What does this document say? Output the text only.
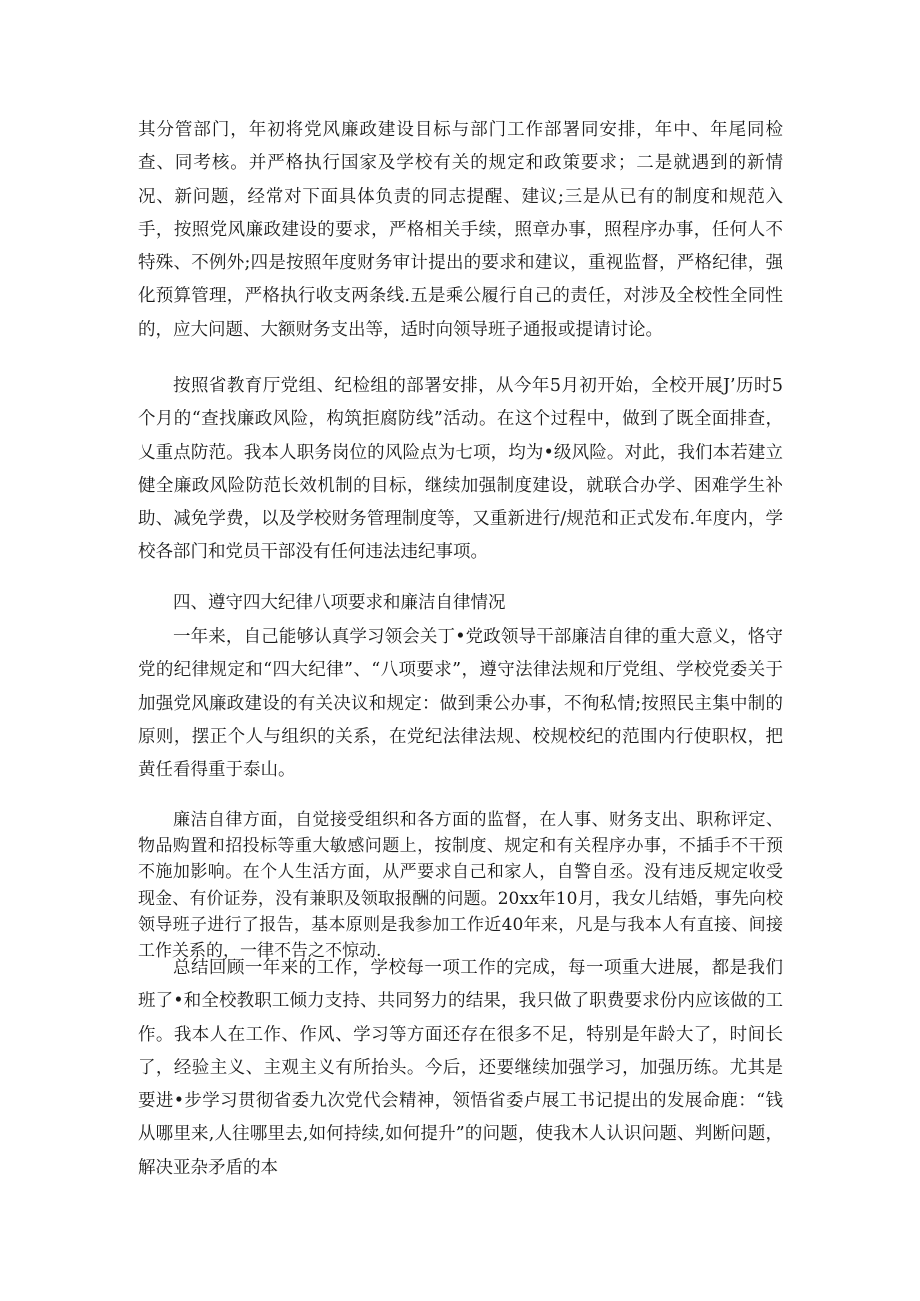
其分管部门，年初将党风廉政建设目标与部门工作部署同安排，年中、年尾同检查、同考核。并严格执行国家及学校有关的规定和政策要求；二是就遇到的新情况、新问题，经常对下面具体负责的同志提醒、建议;三是从已有的制度和规范入手，按照党风廉政建设的要求，严格相关手续，照章办事，照程序办事，任何人不特殊、不例外;四是按照年度财务审计提出的要求和建议，重视监督，严格纪律，强化预算管理，严格执行收支两条线.五是乘公履行自己的责任，对涉及全校性全同性的，应大问题、大额财务支出等，适时向领导班子通报或提请讨论。

按照省教育厅党组、纪检组的部署安排，从今年5月初开始，全校开展J’历时5个月的“查找廉政风险，构筑拒腐防线”活动。在这个过程中，做到了既全面排查，乂重点防范。我本人职务岗位的风险点为七项，均为•级风险。对此，我们本若建立健全廉政风险防范长效机制的目标，继续加强制度建设，就联合办学、困难学生补助、减免学费，以及学校财务管理制度等，又重新进行/规范和正式发布.年度内，学校各部门和党员干部没有任何违法违纪事项。

四、遵守四大纪律八项要求和廉洁自律情况

一年来，自己能够认真学习领会关丁•党政领导干部廉洁自律的重大意义，恪守党的纪律规定和“四大纪律”、“八项要求”，遵守法律法规和厅党组、学校党委关于加强党风廉政建设的有关决议和规定：做到秉公办事，不徇私情;按照民主集中制的原则，摆正个人与组织的关系，在党纪法律法规、校规校纪的范围内行使职权，把黄任看得重于泰山。

廉洁自律方面，自觉接受组织和各方面的监督，在人事、财务支出、职称评定、物品购置和招投标等重大敏感问题上，按制度、规定和有关程序办事，不插手不干预不施加影响。在个人生活方面，从严要求自己和家人，自警自丞。没有违反规定收受现金、有价证券，没有兼职及领取报酬的问题。20xx年10月，我女儿结婚，事先向校领导班子进行了报告，基本原则是我参加工作近40年来，凡是与我本人有直接、间接工作关系的，一律不告之不惊动.

总结回顾一年来的工作，学校每一项工作的完成，每一项重大进展，都是我们班了•和全校教职工倾力支持、共同努力的结果，我只做了职费要求份内应该做的工作。我本人在工作、作风、学习等方面还存在很多不足，特别是年龄大了，时间长了，经验主义、主观主义有所抬头。今后，还要继续加强学习，加强历练。尤其是要进•步学习贯彻省委九次党代会精神，领悟省委卢展工书记提出的发展命鹿：“钱从哪里来,人往哪里去,如何持续,如何提升”的问题，使我木人认识问题、判断问题，解决亚杂矛盾的本
